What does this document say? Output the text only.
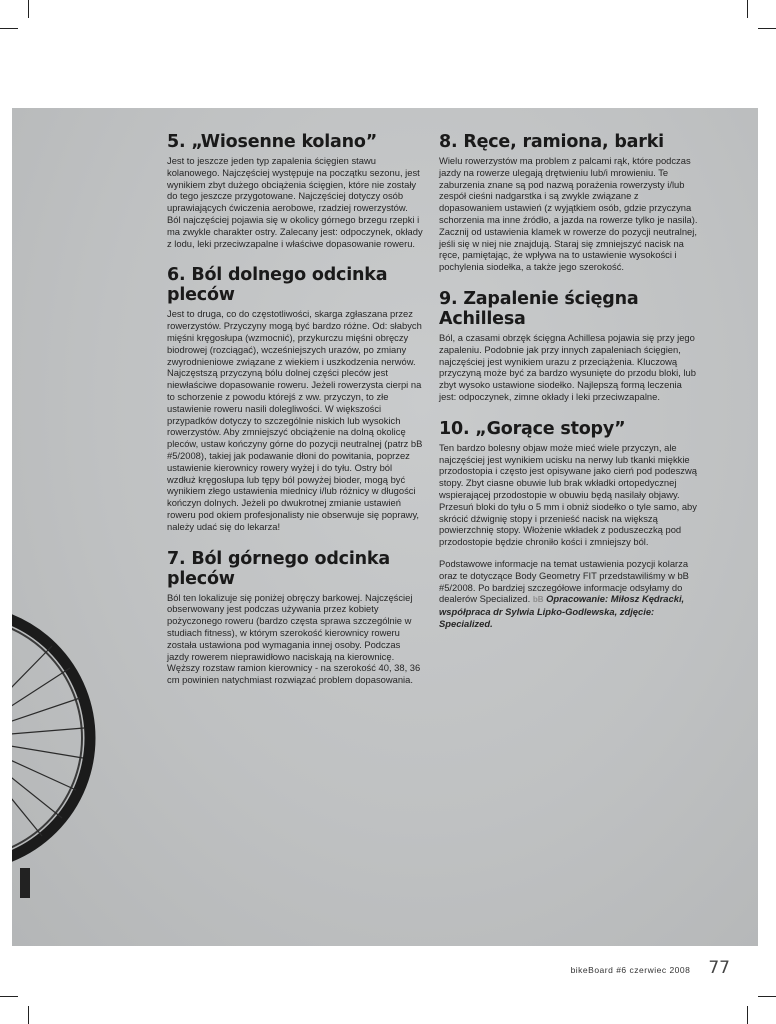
5. „Wiosenne kolano”

Jest to jeszcze jeden typ zapalenia ścięgien stawu kolanowego. Najczęściej występuje na początku sezonu, jest wynikiem zbyt dużego obciążenia ścięgien, które nie zostały do tego jeszcze przygotowane. Najczęściej dotyczy osób uprawiających ćwiczenia aerobowe, rzadziej rowerzystów. Ból najczęściej pojawia się w okolicy górnego brzegu rzepki i ma zwykle charakter ostry. Zalecany jest: odpoczynek, okłady z lodu, leki przeciwzapalne i właściwe dopasowanie roweru.

6. Ból dolnego odcinka pleców

Jest to druga, co do częstotliwości, skarga zgłaszana przez rowerzystów. Przyczyny mogą być bardzo różne. Od: słabych mięśni kręgosłupa (wzmocnić), przykurczu mięśni obręczy biodrowej (rozciągać), wcześniejszych urazów, po zmiany zwyrodnieniowe związane z wiekiem i uszkodzenia nerwów. Najczęstszą przyczyną bólu dolnej części pleców jest niewłaściwe dopasowanie roweru. Jeżeli rowerzysta cierpi na to schorzenie z powodu którejś z ww. przyczyn, to złe ustawienie roweru nasili dolegliwości. W większości przypadków dotyczy to szczególnie niskich lub wysokich rowerzystów. Aby zmniejszyć obciążenie na dolną okolicę pleców, ustaw kończyny górne do pozycji neutralnej (patrz bB #5/2008), takiej jak podawanie dłoni do powitania, poprzez ustawienie kierownicy rowerу wyżej i do tyłu. Ostry ból wzdłuż kręgosłupa lub tępy ból powyżej bioder, mogą być wynikiem złego ustawienia miednicy i/lub różnicy w długości kończyn dolnych. Jeżeli po dwukrotnej zmianie ustawień roweru pod okiem profesjonalisty nie obserwuje się poprawy, należy udać się do lekarza!

7. Ból górnego odcinka pleców

Ból ten lokalizuje się poniżej obręczy barkowej. Najczęściej obserwowany jest podczas używania przez kobiety pożyczonego roweru (bardzo częsta sprawa szczególnie w studiach fitness), w którym szerokość kierownicy roweru została ustawiona pod wymagania innej osoby. Podczas jazdy rowerem nieprawidłowo naciskają na kierownicę. Węższy rozstaw ramion kierownicy - na szerokość 40, 38, 36 cm powinien natychmiast rozwiązać problem dopasowania.

8. Ręce, ramiona, barki

Wielu rowerzystów ma problem z palcami rąk, które podczas jazdy na rowerze ulegają drętwieniu lub/i mrowieniu. Te zaburzenia znane są pod nazwą porażenia rowerzysty i/lub zespół cieśni nadgarstka i są zwykle związane z dopasowaniem ustawień (z wyjątkiem osób, gdzie przyczyna schorzenia ma inne źródło, a jazda na rowerze tylko je nasila). Zacznij od ustawienia klamek w rowerze do pozycji neutralnej, jeśli się w niej nie znajdują. Staraj się zmniejszyć nacisk na ręce, pamiętając, że wpływa na to ustawienie wysokości i pochylenia siodełka, a także jego szerokość.

9. Zapalenie ścięgna Achillesa

Ból, a czasami obrzęk ścięgna Achillesa pojawia się przy jego zapaleniu. Podobnie jak przy innych zapaleniach ścięgien, najczęściej jest wynikiem urazu z przeciążenia. Kluczową przyczyną może być za bardzo wysunięte do przodu bloki, lub zbyt wysoko ustawione siodełko. Najlepszą formą leczenia jest: odpoczynek, zimne okłady i leki przeciwzapalne.

10. „Gorące stopy”

Ten bardzo bolesny objaw może mieć wiele przyczyn, ale najczęściej jest wynikiem ucisku na nerwy lub tkanki miękkie przodostopia i często jest opisywane jako cierń pod podeszwą stopy. Zbyt ciasne obuwie lub brak wkładki ortopedycznej wspierającej przodostopie w obuwiu będą nasilały objawy. Przesuń bloki do tyłu o 5 mm i obniż siodełko o tyle samo, aby skrócić dźwignię stopy i przenieść nacisk na większą powierzchnię stopy. Włożenie wkładek z poduszeczką pod przodostopie będzie chroniło kości i zmniejszy ból.

Podstawowe informacje na temat ustawienia pozycji kolarza oraz te dotyczące Body Geometry FIT przedstawiliśmy w bB #5/2008. Po bardziej szczegółowe informacje odsyłamy do dealerów Specialized. bB Opracowanie: Miłosz Kędracki, współpraca dr Sylwia Lipko-Godlewska, zdjęcie: Specialized.

bikeBoard #6 czerwiec 2008 77
